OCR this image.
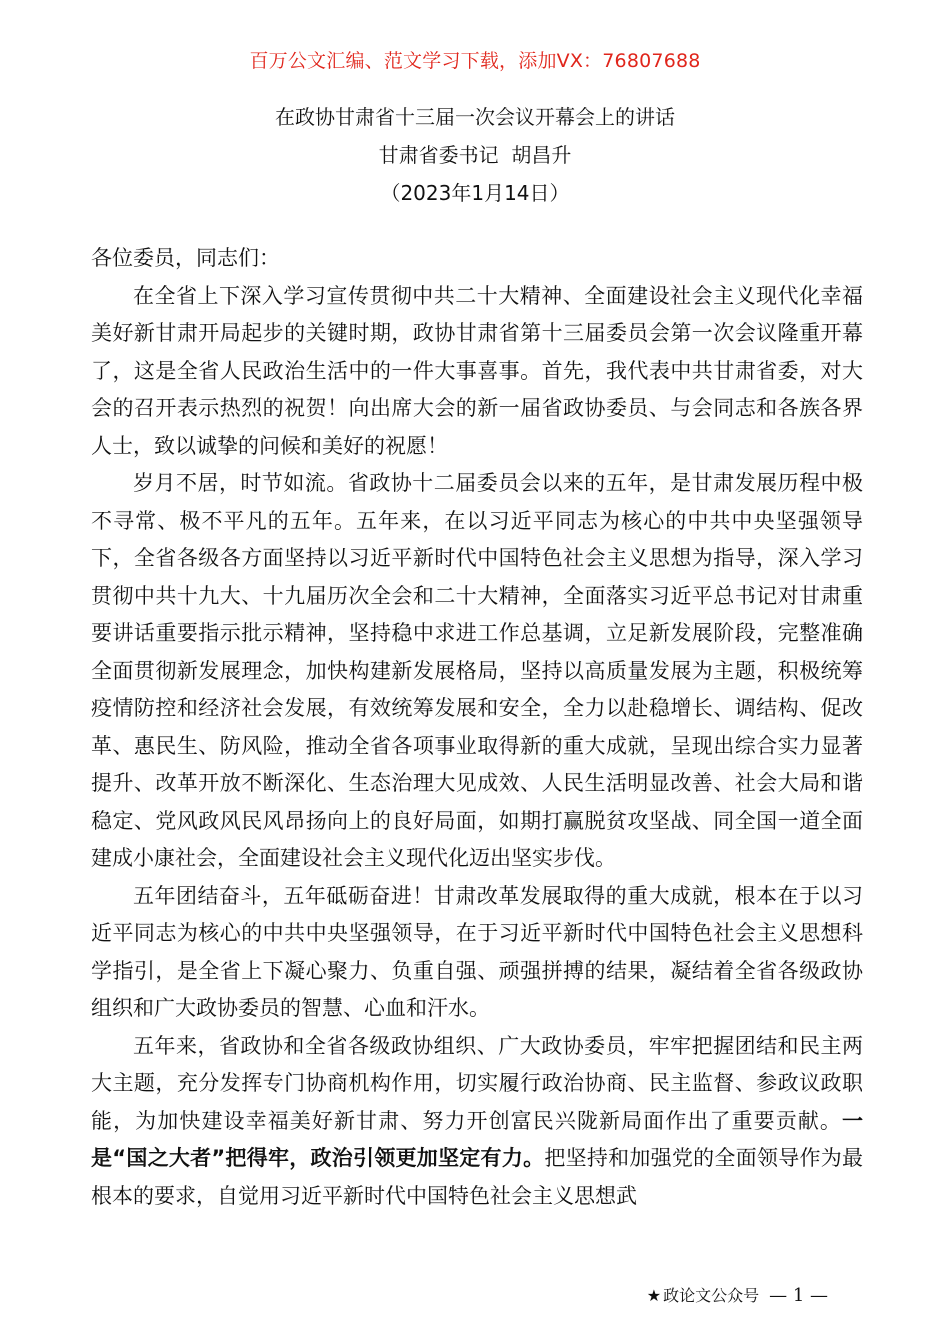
百万公文汇编、范文学习下载，添加VX：76807688
在政协甘肃省十三届一次会议开幕会上的讲话
甘肃省委书记  胡昌升
（2023年1月14日）

各位委员，同志们：

在全省上下深入学习宣传贯彻中共二十大精神、全面建设社会主义现代化幸福美好新甘肃开局起步的关键时期，政协甘肃省第十三届委员会第一次会议隆重开幕了，这是全省人民政治生活中的一件大事喜事。首先，我代表中共甘肃省委，对大会的召开表示热烈的祝贺！向出席大会的新一届省政协委员、与会同志和各族各界人士，致以诚挚的问候和美好的祝愿！

岁月不居，时节如流。省政协十二届委员会以来的五年，是甘肃发展历程中极不寻常、极不平凡的五年。五年来，在以习近平同志为核心的中共中央坚强领导下，全省各级各方面坚持以习近平新时代中国特色社会主义思想为指导，深入学习贯彻中共十九大、十九届历次全会和二十大精神，全面落实习近平总书记对甘肃重要讲话重要指示批示精神，坚持稳中求进工作总基调，立足新发展阶段，完整准确全面贯彻新发展理念，加快构建新发展格局，坚持以高质量发展为主题，积极统筹疫情防控和经济社会发展，有效统筹发展和安全，全力以赴稳增长、调结构、促改革、惠民生、防风险，推动全省各项事业取得新的重大成就，呈现出综合实力显著提升、改革开放不断深化、生态治理大见成效、人民生活明显改善、社会大局和谐稳定、党风政风民风昂扬向上的良好局面，如期打赢脱贫攻坚战、同全国一道全面建成小康社会，全面建设社会主义现代化迈出坚实步伐。

五年团结奋斗，五年砥砺奋进！甘肃改革发展取得的重大成就，根本在于以习近平同志为核心的中共中央坚强领导，在于习近平新时代中国特色社会主义思想科学指引，是全省上下凝心聚力、负重自强、顽强拼搏的结果，凝结着全省各级政协组织和广大政协委员的智慧、心血和汗水。

五年来，省政协和全省各级政协组织、广大政协委员，牢牢把握团结和民主两大主题，充分发挥专门协商机构作用，切实履行政治协商、民主监督、参政议政职能，为加快建设幸福美好新甘肃、努力开创富民兴陇新局面作出了重要贡献。一是“国之大者”把得牢，政治引领更加坚定有力。把坚持和加强党的全面领导作为最根本的要求，自觉用习近平新时代中国特色社会主义思想武

★ 政论文公众号 — 1 —
